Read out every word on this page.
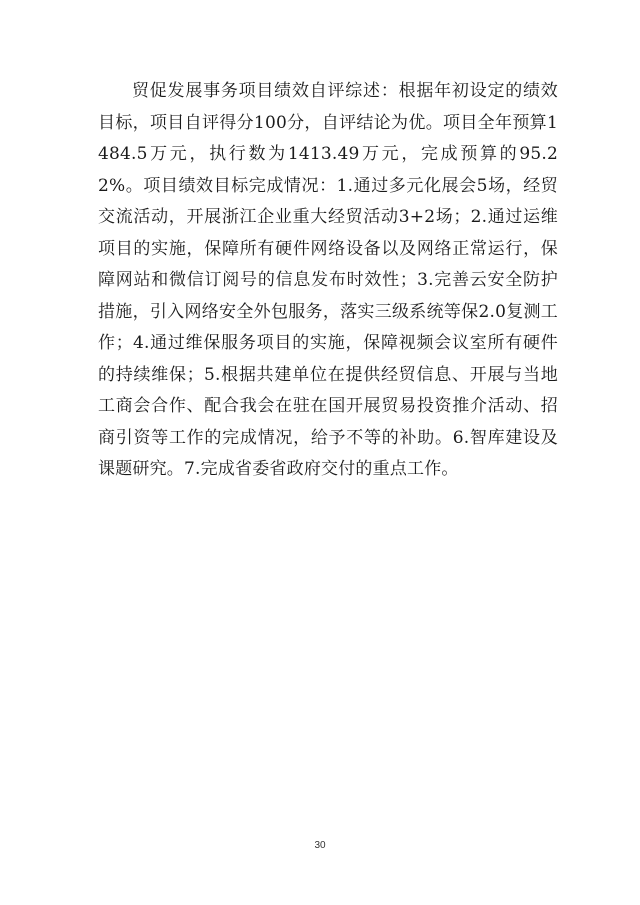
贸促发展事务项目绩效自评综述：根据年初设定的绩效目标，项目自评得分100分，自评结论为优。项目全年预算1484.5万元，执行数为1413.49万元，完成预算的95.22%。项目绩效目标完成情况：1.通过多元化展会5场，经贸交流活动，开展浙江企业重大经贸活动3+2场；2.通过运维项目的实施，保障所有硬件网络设备以及网络正常运行，保障网站和微信订阅号的信息发布时效性；3.完善云安全防护措施，引入网络安全外包服务，落实三级系统等保2.0复测工作；4.通过维保服务项目的实施，保障视频会议室所有硬件的持续维保；5.根据共建单位在提供经贸信息、开展与当地工商会合作、配合我会在驻在国开展贸易投资推介活动、招商引资等工作的完成情况，给予不等的补助。6.智库建设及课题研究。7.完成省委省政府交付的重点工作。

30
